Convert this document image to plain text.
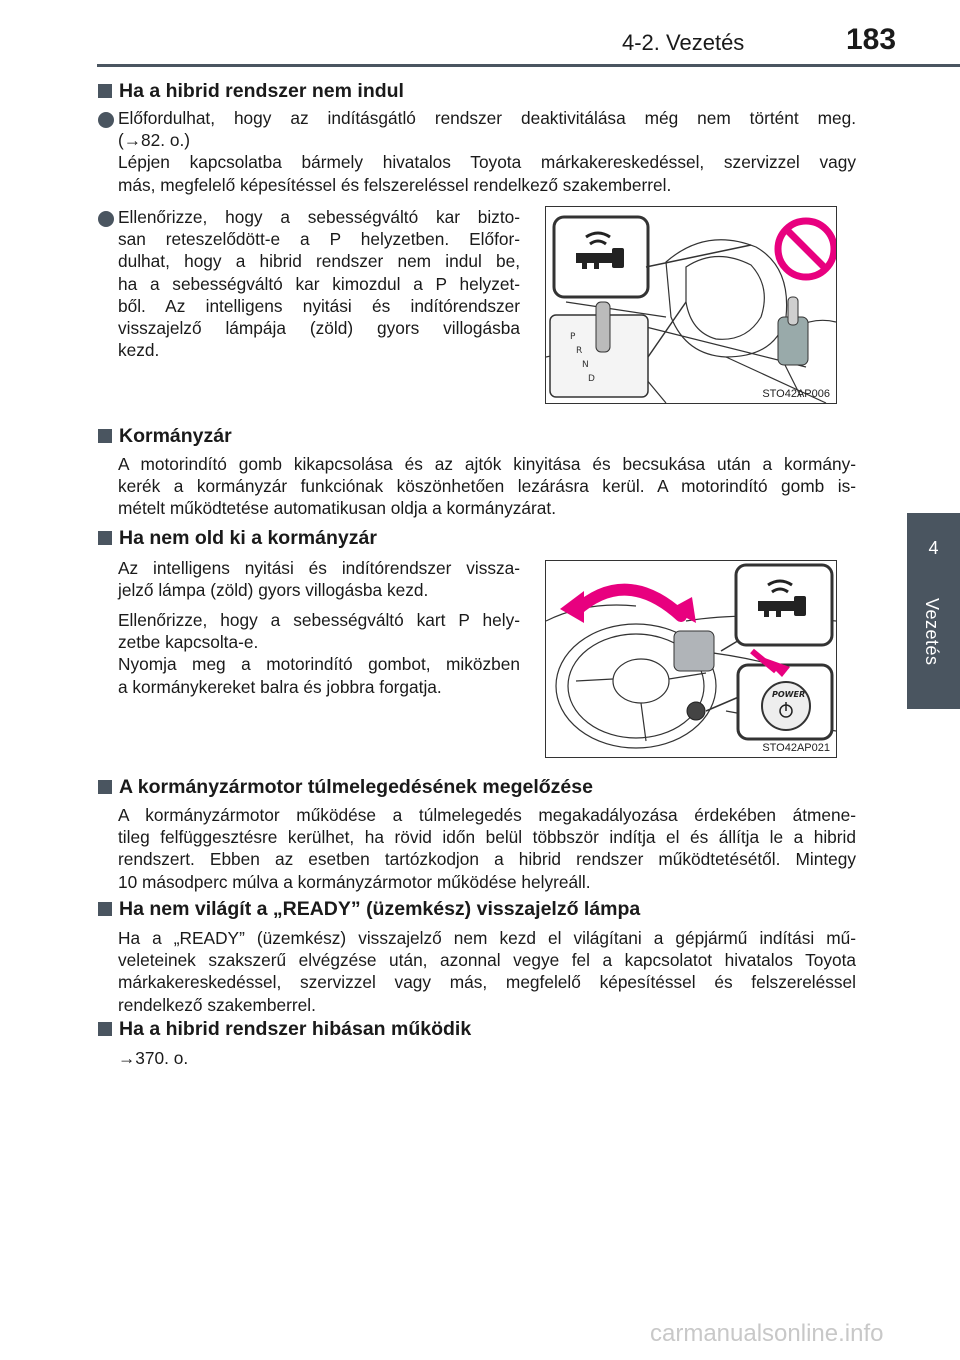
4-2. Vezetés	183
4
Vezetés
Ha a hibrid rendszer nem indul
Előfordulhat, hogy az indításgátló rendszer deaktivitálása még nem történt meg.
(→82. o.)
Lépjen kapcsolatba bármely hivatalos Toyota márkakereskedéssel, szervizzel vagy
más, megfelelő képesítéssel és felszereléssel rendelkező szakemberrel.
Ellenőrizze, hogy a sebességváltó kar bizto-
san reteszelődött-e a P helyzetben. Előfor-
dulhat, hogy a hibrid rendszer nem indul be,
ha a sebességváltó kar kimozdul a P helyzet-
ből. Az intelligens nyitási és indítórendszer
visszajelző lámpája (zöld) gyors villogásba
kezd.
P
R
N
D
STO42AP006
Kormányzár
A motorindító gomb kikapcsolása és az ajtók kinyitása és becsukása után a kormány-
kerék a kormányzár funkciónak köszönhetően lezárásra kerül. A motorindító gomb is-
mételt működtetése automatikusan oldja a kormányzárat.
Ha nem old ki a kormányzár
Az intelligens nyitási és indítórendszer vissza-
jelző lámpa (zöld) gyors villogásba kezd.
Ellenőrizze, hogy a sebességváltó kart P hely-
zetbe kapcsolta-e.
Nyomja meg a motorindító gombot, miközben
a kormánykereket balra és jobbra forgatja.	POWER
STO42AP021
A kormányzármotor túlmelegedésének megelőzése
A kormányzármotor működése a túlmelegedés megakadályozása érdekében átmene-
tileg felfüggesztésre kerülhet, ha rövid időn belül többször indítja el és állítja le a hibrid
rendszert. Ebben az esetben tartózkodjon a hibrid rendszer működtetésétől. Mintegy
10 másodperc múlva a kormányzármotor működése helyreáll.
Ha nem világít a „READY” (üzemkész) visszajelző lámpa
Ha a „READY” (üzemkész) visszajelző nem kezd el világítani a gépjármű indítási mű-
veleteinek szakszerű elvégzése után, azonnal vegye fel a kapcsolatot hivatalos Toyota
márkakereskedéssel, szervizzel vagy más, megfelelő képesítéssel és felszereléssel
rendelkező szakemberrel.
Ha a hibrid rendszer hibásan működik
→370. o.
carmanualsonline.info
